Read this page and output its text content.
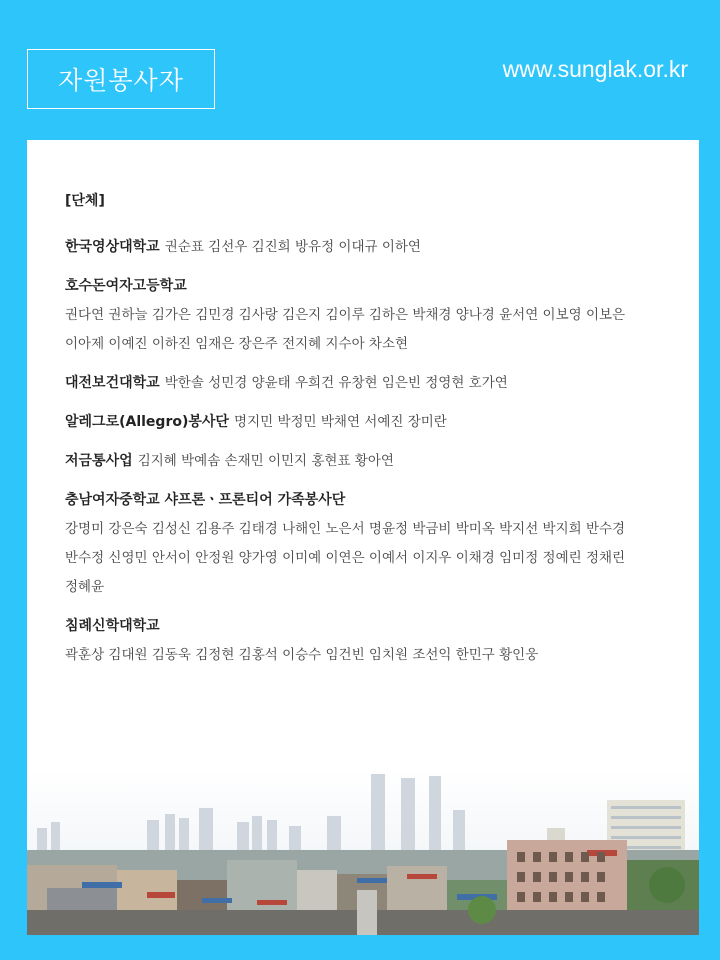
자원봉사자	www.sunglak.or.kr
[단체]
한국영상대학교 권순표 김선우 김진희 방유정 이대규 이하연
호수돈여자고등학교
권다연 권하늘 김가은 김민경 김사랑 김은지 김이루 김하은 박채경 양나경 윤서연 이보영 이보은
이아제 이예진 이하진 임재은 장은주 전지혜 지수아 차소현
대전보건대학교 박한솔 성민경 양윤태 우희건 유창현 임은빈 정영현 호가연
알레그로(Allegro)봉사단 명지민 박정민 박채연 서예진 장미란
저금통사업 김지혜 박예솜 손재민 이민지 홍현표 황아연
충남여자중학교 샤프론ㆍ프론티어 가족봉사단
강명미 강은숙 김성신 김용주 김태경 나해인 노은서 명윤정 박금비 박미옥 박지선 박지희 반수경
반수정 신영민 안서이 안정원 양가영 이미예 이연은 이예서 이지우 이채경 임미정 정예린 정채린
정혜윤
침례신학대학교
곽훈상 김대원 김동욱 김정현 김홍석 이승수 임건빈 임치원 조선익 한민구 황인웅
